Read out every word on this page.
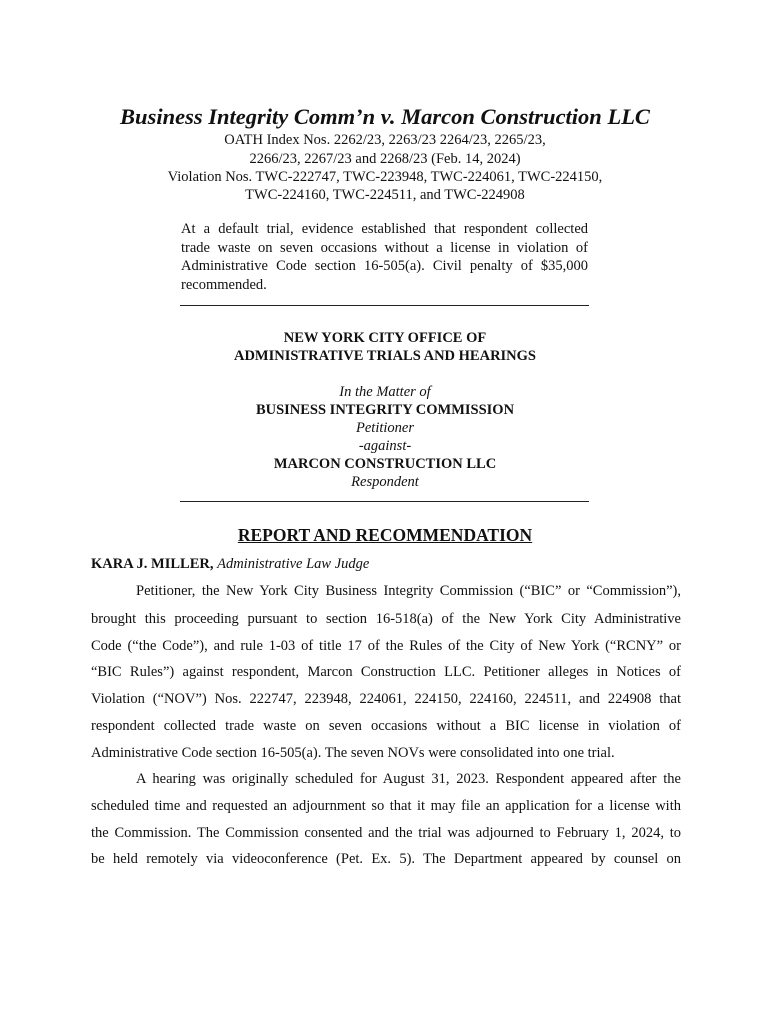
Business Integrity Comm’n v. Marcon Construction LLC
OATH Index Nos. 2262/23, 2263/23 2264/23, 2265/23,
2266/23, 2267/23 and 2268/23 (Feb. 14, 2024)
Violation Nos. TWC-222747, TWC-223948, TWC-224061, TWC-224150,
TWC-224160, TWC-224511, and TWC-224908
At a default trial, evidence established that respondent collected
trade waste on seven occasions without a license in violation of
Administrative Code section 16-505(a). Civil penalty of $35,000
recommended.
NEW YORK CITY OFFICE OF
ADMINISTRATIVE TRIALS AND HEARINGS
In the Matter of
BUSINESS INTEGRITY COMMISSION
Petitioner
-against-
MARCON CONSTRUCTION LLC
Respondent
REPORT AND RECOMMENDATION
KARA J. MILLER, Administrative Law Judge
Petitioner, the New York City Business Integrity Commission (“BIC” or “Commission”),
brought this proceeding pursuant to section 16-518(a) of the New York City Administrative
Code (“the Code”), and rule 1-03 of title 17 of the Rules of the City of New York (“RCNY” or
“BIC Rules”) against respondent, Marcon Construction LLC. Petitioner alleges in Notices of
Violation (“NOV”) Nos. 222747, 223948, 224061, 224150, 224160, 224511, and 224908 that
respondent collected trade waste on seven occasions without a BIC license in violation of
Administrative Code section 16-505(a). The seven NOVs were consolidated into one trial.
A hearing was originally scheduled for August 31, 2023. Respondent appeared after the
scheduled time and requested an adjournment so that it may file an application for a license with
the Commission. The Commission consented and the trial was adjourned to February 1, 2024, to
be held remotely via videoconference (Pet. Ex. 5). The Department appeared by counsel on
